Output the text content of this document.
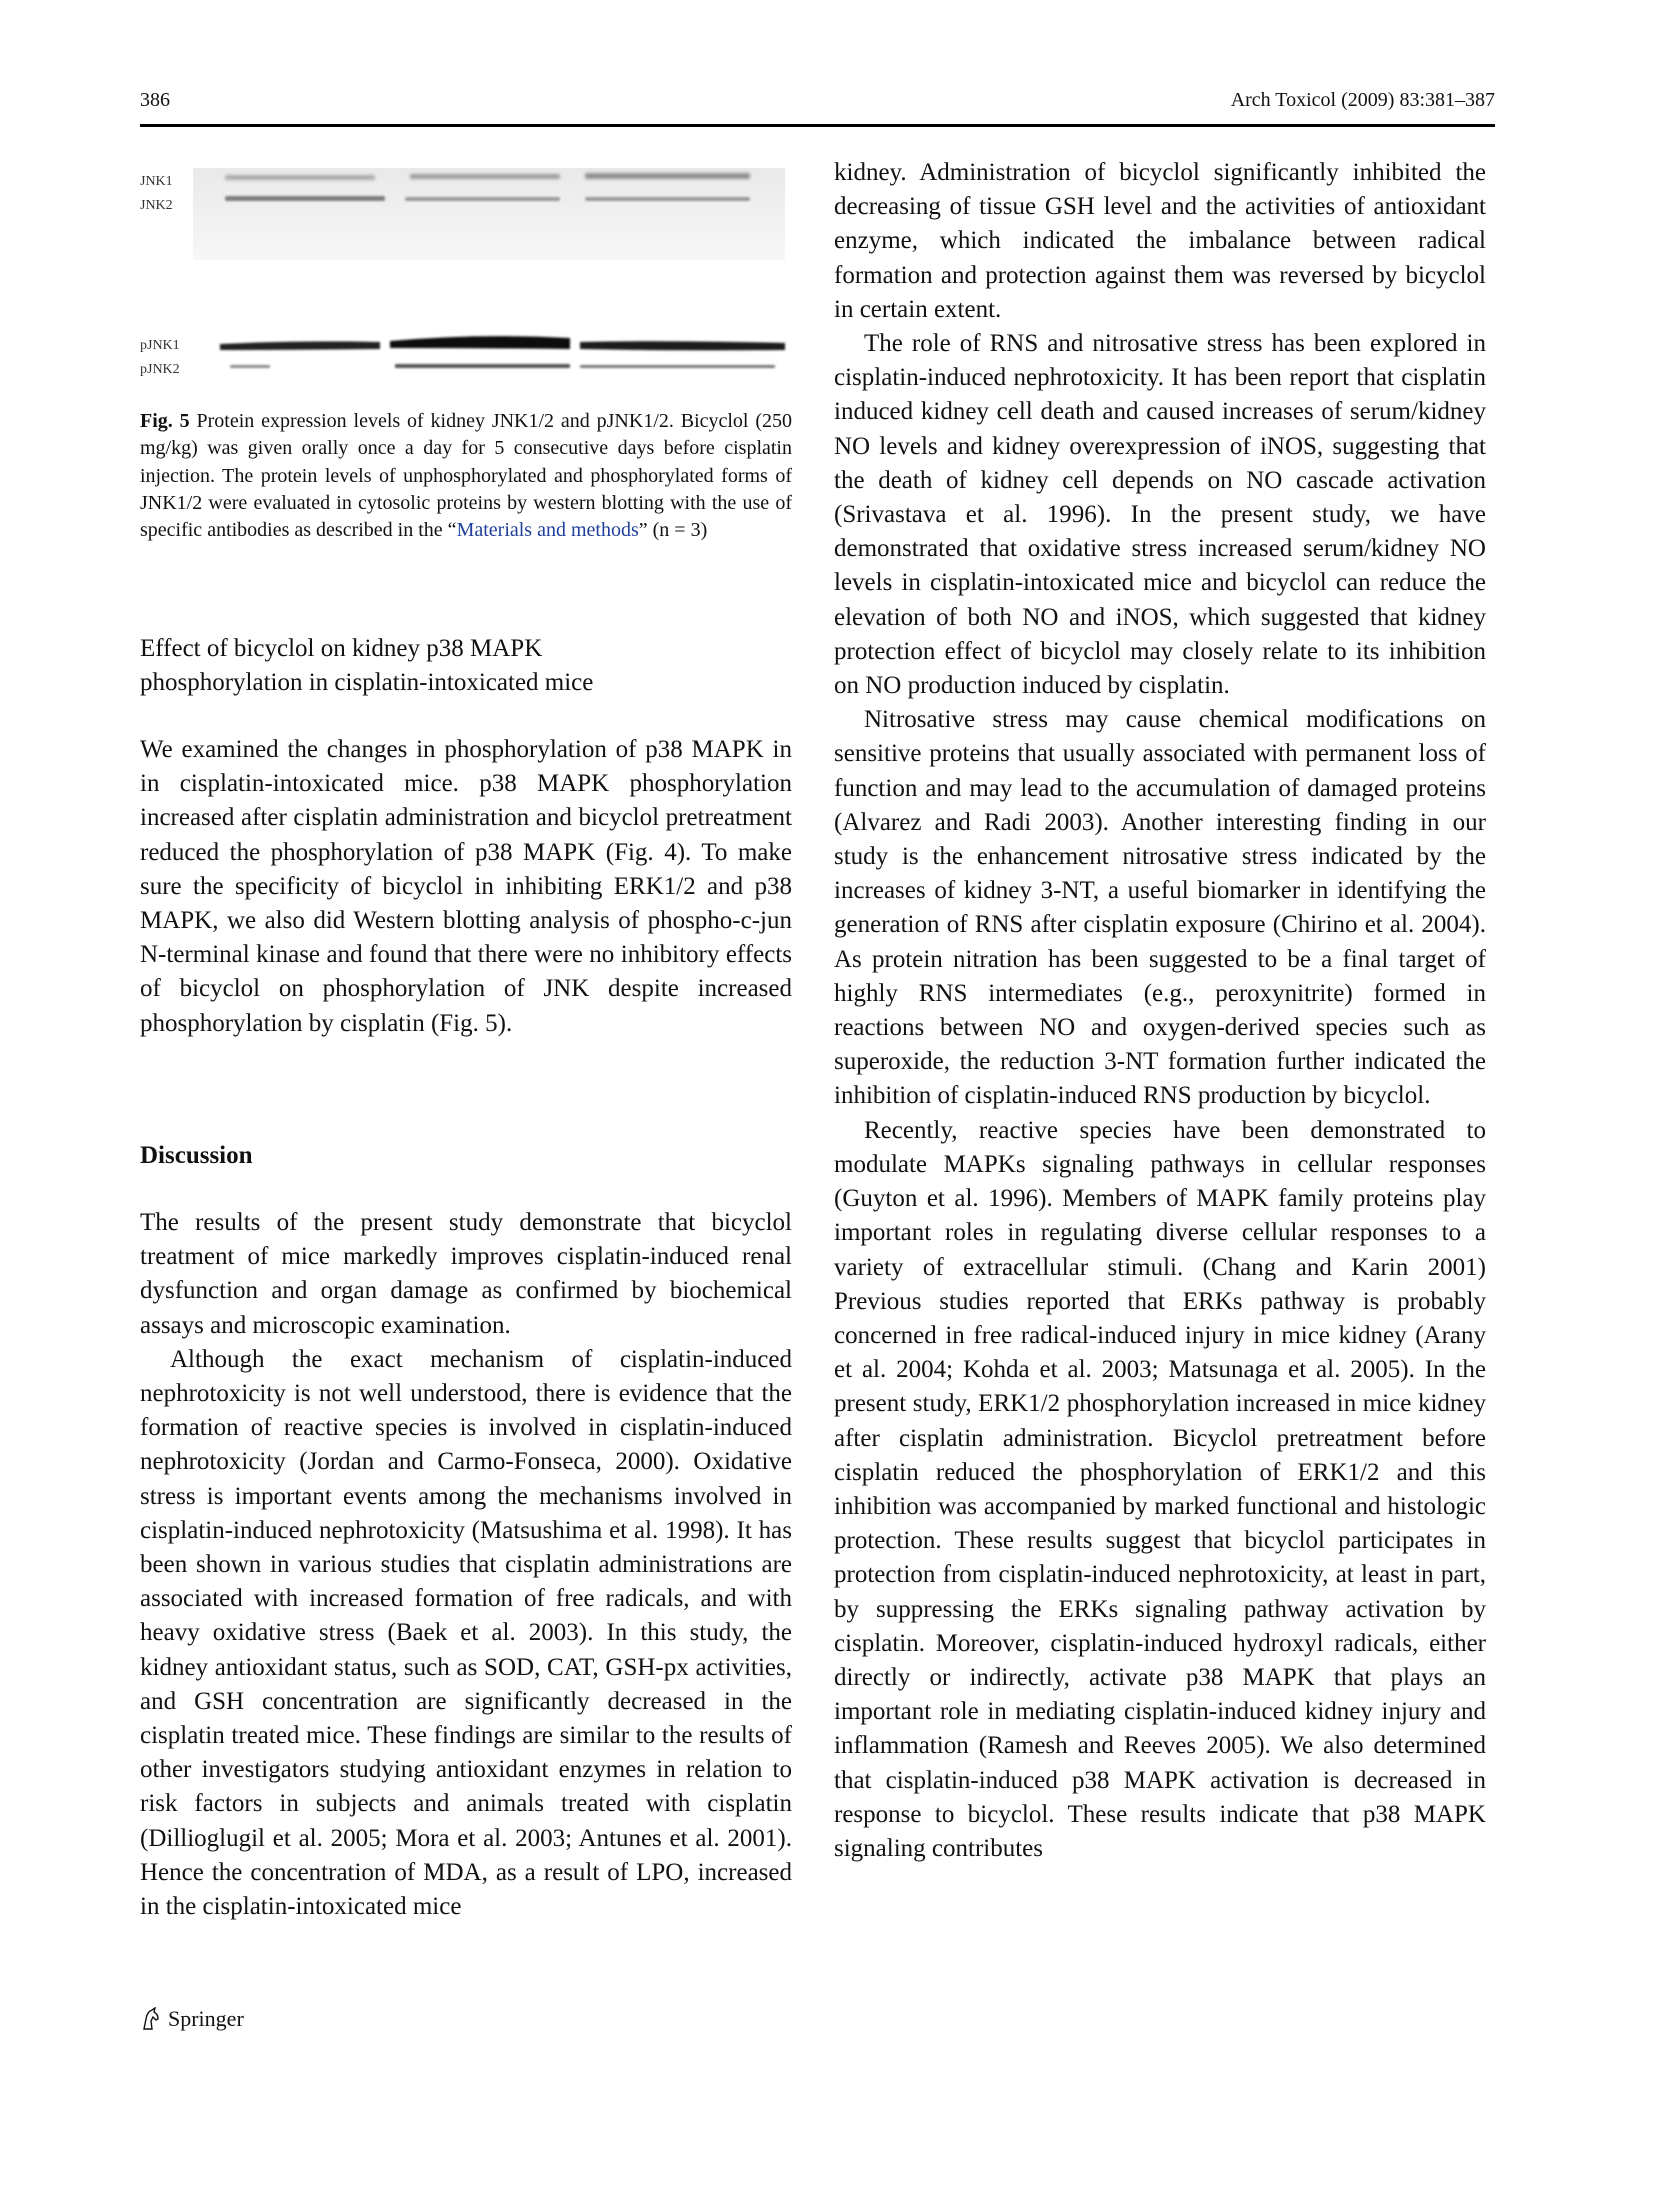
386	Arch Toxicol (2009) 83:381–387
JNK1
JNK2
pJNK1
pJNK2
Fig. 5 Protein expression levels of kidney JNK1/2 and pJNK1/2. Bicyclol (250 mg/kg) was given orally once a day for 5 consecutive days before cisplatin injection. The protein levels of unphosphorylated and phosphorylated forms of JNK1/2 were evaluated in cytosolic proteins by western blotting with the use of specific antibodies as described in the “Materials and methods” (n = 3)
Effect of bicyclol on kidney p38 MAPK
phosphorylation in cisplatin-intoxicated mice

We examined the changes in phosphorylation of p38 MAPK in in cisplatin-intoxicated mice. p38 MAPK phosphorylation increased after cisplatin administration and bicyclol pretreatment reduced the phosphorylation of p38 MAPK (Fig. 4). To make sure the specificity of bicyclol in inhibiting ERK1/2 and p38 MAPK, we also did Western blotting analysis of phospho-c-jun N-terminal kinase and found that there were no inhibitory effects of bicyclol on phosphorylation of JNK despite increased phosphorylation by cisplatin (Fig. 5).

Discussion

The results of the present study demonstrate that bicyclol treatment of mice markedly improves cisplatin-induced renal dysfunction and organ damage as confirmed by biochemical assays and microscopic examination.

Although the exact mechanism of cisplatin-induced nephrotoxicity is not well understood, there is evidence that the formation of reactive species is involved in cisplatin-induced nephrotoxicity (Jordan and Carmo-Fonseca, 2000). Oxidative stress is important events among the mechanisms involved in cisplatin-induced nephrotoxicity (Matsushima et al. 1998). It has been shown in various studies that cisplatin administrations are associated with increased formation of free radicals, and with heavy oxidative stress (Baek et al. 2003). In this study, the kidney antioxidant status, such as SOD, CAT, GSH-px activities, and GSH concentration are significantly decreased in the cisplatin treated mice. These findings are similar to the results of other investigators studying antioxidant enzymes in relation to risk factors in subjects and animals treated with cisplatin (Dillioglugil et al. 2005; Mora et al. 2003; Antunes et al. 2001). Hence the concentration of MDA, as a result of LPO, increased in the cisplatin-intoxicated mice

kidney. Administration of bicyclol significantly inhibited the decreasing of tissue GSH level and the activities of antioxidant enzyme, which indicated the imbalance between radical formation and protection against them was reversed by bicyclol in certain extent.

The role of RNS and nitrosative stress has been explored in cisplatin-induced nephrotoxicity. It has been report that cisplatin induced kidney cell death and caused increases of serum/kidney NO levels and kidney overexpression of iNOS, suggesting that the death of kidney cell depends on NO cascade activation (Srivastava et al. 1996). In the present study, we have demonstrated that oxidative stress increased serum/kidney NO levels in cisplatin-intoxicated mice and bicyclol can reduce the elevation of both NO and iNOS, which suggested that kidney protection effect of bicyclol may closely relate to its inhibition on NO production induced by cisplatin.

Nitrosative stress may cause chemical modifications on sensitive proteins that usually associated with permanent loss of function and may lead to the accumulation of damaged proteins (Alvarez and Radi 2003). Another interesting finding in our study is the enhancement nitrosative stress indicated by the increases of kidney 3-NT, a useful biomarker in identifying the generation of RNS after cisplatin exposure (Chirino et al. 2004). As protein nitration has been suggested to be a final target of highly RNS intermediates (e.g., peroxynitrite) formed in reactions between NO and oxygen-derived species such as superoxide, the reduction 3-NT formation further indicated the inhibition of cisplatin-induced RNS production by bicyclol.

Recently, reactive species have been demonstrated to modulate MAPKs signaling pathways in cellular responses (Guyton et al. 1996). Members of MAPK family proteins play important roles in regulating diverse cellular responses to a variety of extracellular stimuli. (Chang and Karin 2001) Previous studies reported that ERKs pathway is probably concerned in free radical-induced injury in mice kidney (Arany et al. 2004; Kohda et al. 2003; Matsunaga et al. 2005). In the present study, ERK1/2 phosphorylation increased in mice kidney after cisplatin administration. Bicyclol pretreatment before cisplatin reduced the phosphorylation of ERK1/2 and this inhibition was accompanied by marked functional and histologic protection. These results suggest that bicyclol participates in protection from cisplatin-induced nephrotoxicity, at least in part, by suppressing the ERKs signaling pathway activation by cisplatin. Moreover, cisplatin-induced hydroxyl radicals, either directly or indirectly, activate p38 MAPK that plays an important role in mediating cisplatin-induced kidney injury and inflammation (Ramesh and Reeves 2005). We also determined that cisplatin-induced p38 MAPK activation is decreased in response to bicyclol. These results indicate that p38 MAPK signaling contributes

Springer
